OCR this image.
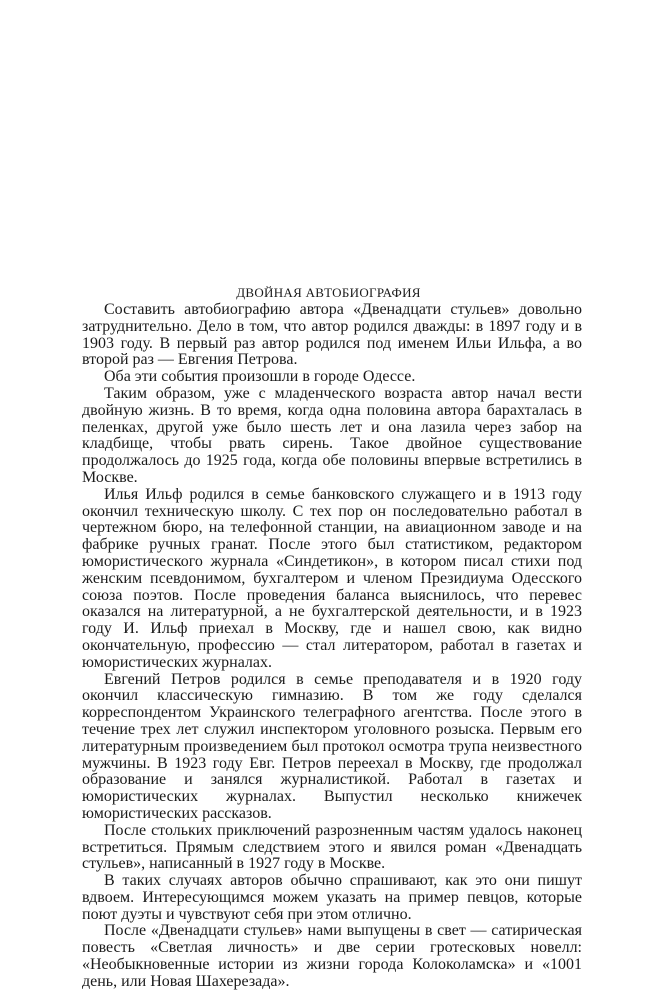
ДВОЙНАЯ АВТОБИОГРАФИЯ

Составить автобиографию автора «Двенадцати стульев» довольно затруднительно. Дело в том, что автор родился дважды: в 1897 году и в 1903 году. В первый раз автор родился под именем Ильи Ильфа, а во второй раз — Евгения Петрова.

Оба эти события произошли в городе Одессе.

Таким образом, уже с младенческого возраста автор начал вести двойную жизнь. В то время, когда одна половина автора барахталась в пеленках, другой уже было шесть лет и она лазила через забор на кладбище, чтобы рвать сирень. Такое двойное существование продолжалось до 1925 года, когда обе половины впервые встретились в Москве.

Илья Ильф родился в семье банковского служащего и в 1913 году окончил техническую школу. С тех пор он последовательно работал в чертежном бюро, на телефонной станции, на авиационном заводе и на фабрике ручных гранат. После этого был статистиком, редактором юмористического журнала «Синдетикон», в котором писал стихи под женским псевдонимом, бухгалтером и членом Президиума Одесского союза поэтов. После проведения баланса выяснилось, что перевес оказался на литературной, а не бухгалтерской деятельности, и в 1923 году И. Ильф приехал в Москву, где и нашел свою, как видно окончательную, профессию — стал литератором, работал в газетах и юмористических журналах.

Евгений Петров родился в семье преподавателя и в 1920 году окончил классическую гимназию. В том же году сделался корреспондентом Украинского телеграфного агентства. После этого в течение трех лет служил инспектором уголовного розыска. Первым его литературным произведением был протокол осмотра трупа неизвестного мужчины. В 1923 году Евг. Петров переехал в Москву, где продолжал образование и занялся журналистикой. Работал в газетах и юмористических журналах. Выпустил несколько книжечек юмористических рассказов.

После стольких приключений разрозненным частям удалось наконец встретиться. Прямым следствием этого и явился роман «Двенадцать стульев», написанный в 1927 году в Москве.

В таких случаях авторов обычно спрашивают, как это они пишут вдвоем. Интересующимся можем указать на пример певцов, которые поют дуэты и чувствуют себя при этом отлично.

После «Двенадцати стульев» нами выпущены в свет — сатирическая повесть «Светлая личность» и две серии гротесковых новелл: «Необыкновенные истории из жизни города Колоколамска» и «1001 день, или Новая Шахерезада».
